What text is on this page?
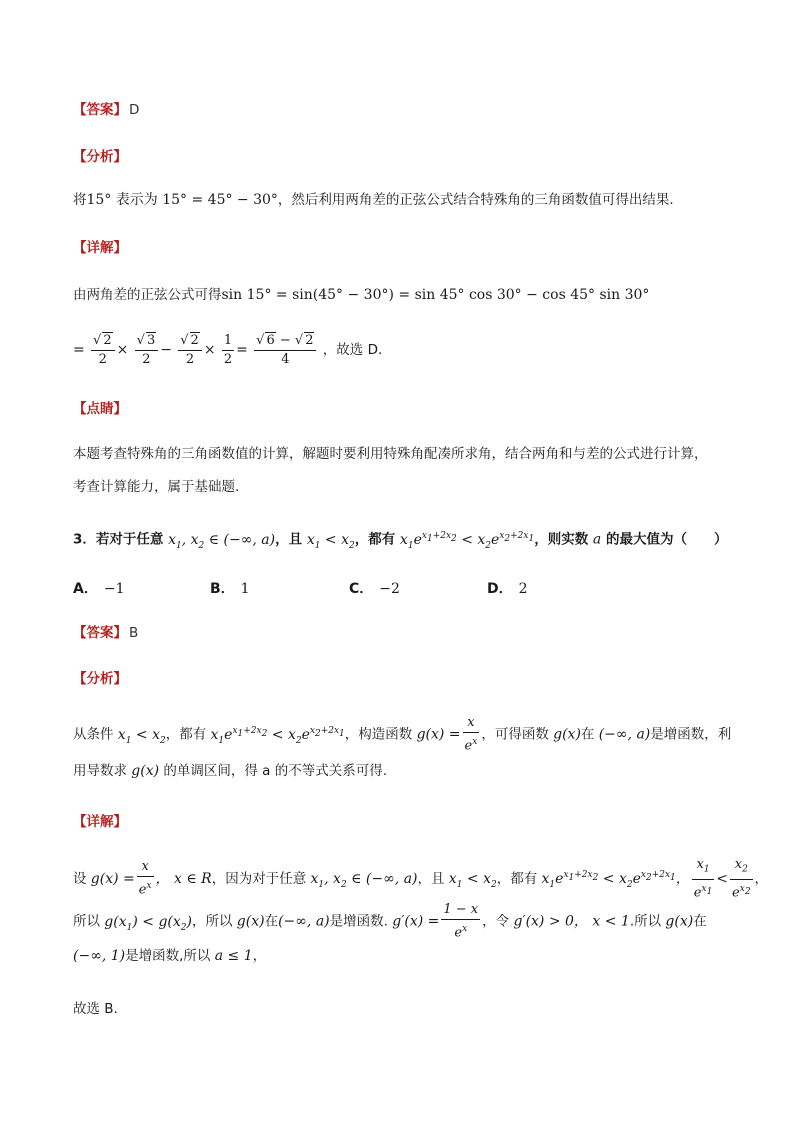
【答案】 D
【分析】
将15° 表示为 15° = 45° − 30°，然后利用两角差的正弦公式结合特殊角的三角函数值可得出结果.
【详解】
由两角差的正弦公式可得sin 15° = sin(45° − 30°) = sin 45° cos 30° − cos 45° sin 30°
= $\frac{√ 2}{2} \times \frac{√ 3}{2} - \frac{√ 2}{2} \times \frac{1}{2} = \frac{√ 6 - √ 2}{4}$ ，故选 D.
【点睛】
本题考查特殊角的三角函数值的计算，解题时要利用特殊角配凑所求角，结合两角和与差的公式进行计算，
考查计算能力，属于基础题.
3．若对于任意 $x_1$, $x_2$ ∈ (−∞, a)，且 $x_1 < x_2$，都有 $x_1e^{x_1+2x_2} < x_2e^{x_2+2x_1}$，则实数 a 的最大值为（　　）
A． −1	B． 1	C． −2	D． 2
【答案】 B
【分析】
从条件 $x_1 < x_2$，都有 $x_1e^{x_1+2x_2} < x_2e^{x_2+2x_1}$，构造函数 $g(x) = \frac{x}{e^x}$ ，可得函数 g(x)在 (−∞, a)是增函数，利
用导数求 g(x) 的单调区间，得 a 的不等式关系可得.
【详解】
设 $g(x) = \frac{x}{e^x}$ ， x ∈ R，因为对于任意 $x_1$, $x_2$ ∈ (−∞, a)，且 $x_1 < x_2$，都有 $x_1e^{x_1+2x_2} < x_2e^{x_2+2x_1}$， $\frac{x_1}{e^{x_1}} < \frac{x_2}{e^{x_2}}$ ，
所以 $g(x_1) < g(x_2)$，所以 g(x)在(−∞, a)是增函数. $g'(x) = \frac{1 - x}{e^x}$ ，令 g′(x) > 0， x < 1.所以 g(x)在
(−∞, 1)是增函数,所以 a ≤ 1，
故选 B.
